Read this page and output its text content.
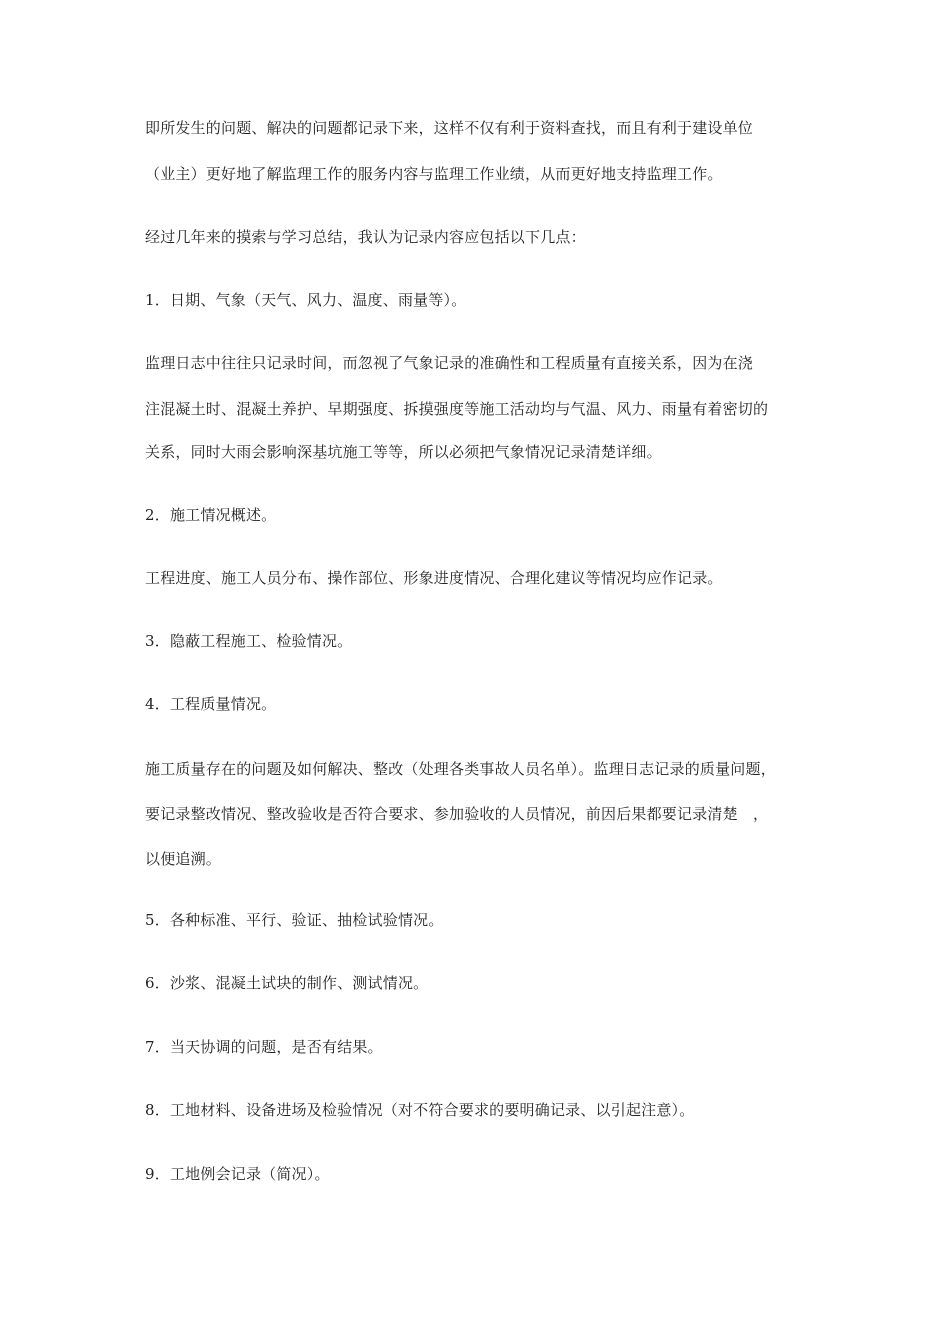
即所发生的问题、解决的问题都记录下来，这样不仅有利于资料查找，而且有利于建设单位
（业主）更好地了解监理工作的服务内容与监理工作业绩，从而更好地支持监理工作。
经过几年来的摸索与学习总结，我认为记录内容应包括以下几点：
1．日期、气象（天气、风力、温度、雨量等）。
监理日志中往往只记录时间，而忽视了气象记录的准确性和工程质量有直接关系，因为在浇
注混凝土时、混凝土养护、早期强度、拆摸强度等施工活动均与气温、风力、雨量有着密切的
关系，同时大雨会影响深基坑施工等等，所以必须把气象情况记录清楚详细。
2．施工情况概述。
工程进度、施工人员分布、操作部位、形象进度情况、合理化建议等情况均应作记录。
3．隐蔽工程施工、检验情况。
4．工程质量情况。
施工质量存在的问题及如何解决、整改（处理各类事故人员名单）。监理日志记录的质量问题，
要记录整改情况、整改验收是否符合要求、参加验收的人员情况，前因后果都要记录清楚　，
以便追溯。
5．各种标准、平行、验证、抽检试验情况。
6．沙浆、混凝土试块的制作、测试情况。
7．当天协调的问题，是否有结果。
8．工地材料、设备进场及检验情况（对不符合要求的要明确记录、以引起注意）。
9．工地例会记录（简况）。
